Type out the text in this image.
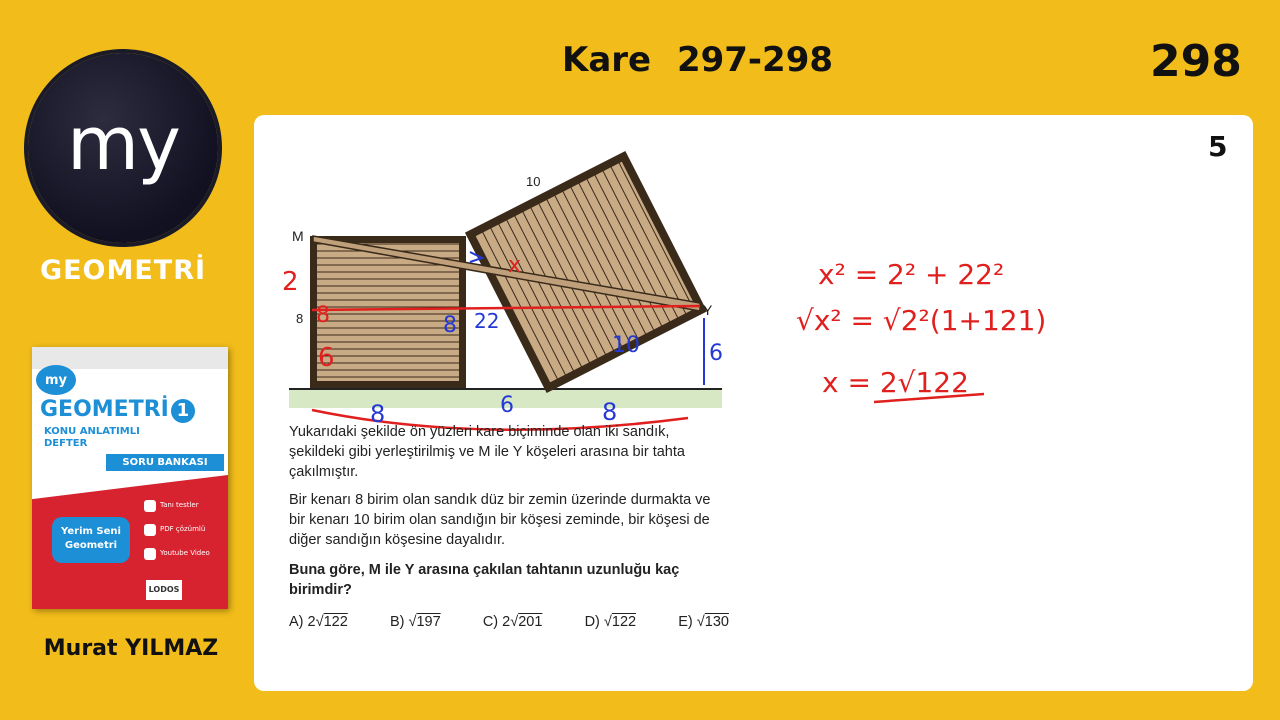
my
GEOMETRİ
my
GEOMETRİ 1
KONU ANLATIMLI
DEFTER
SORU BANKASI
Yerim Seni
Geometri
Tanı testler
PDF çözümlü
Youtube Video
LODOS
Murat YILMAZ
Kare 297-298	298
5
M
Y
8
10
2
8
6
x
8 22
8	6	8
6
10
x² = 2² + 22²
√x² = √2²(1+121)
x = 2√122
Yukarıdaki şekilde ön yüzleri kare biçiminde olan iki sandık, şekildeki gibi yerleştirilmiş ve M ile Y köşeleri arasına bir tahta çakılmıştır.
Bir kenarı 8 birim olan sandık düz bir zemin üzerinde durmakta ve bir kenarı 10 birim olan sandığın bir köşesi zeminde, bir köşesi de diğer sandığın köşesine dayalıdır.
Buna göre, M ile Y arasına çakılan tahtanın uzunluğu kaç birimdir?
A) 2√122	B) √197	C) 2√201	D) √122	E) √130
